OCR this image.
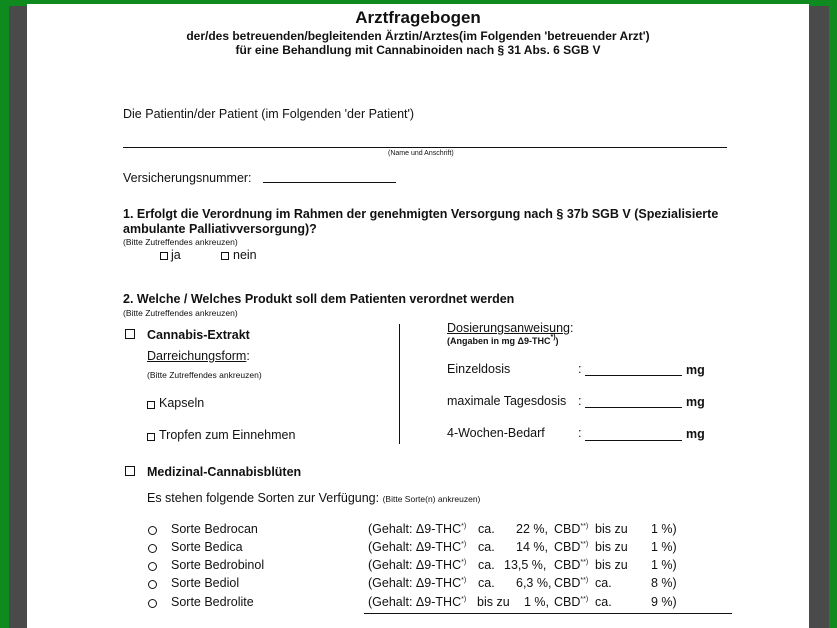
Arztfragebogen
der/des betreuenden/begleitenden Ärztin/Arztes(im Folgenden 'betreuender Arzt')
für eine Behandlung mit Cannabinoiden nach § 31 Abs. 6 SGB V
Die Patientin/der Patient (im Folgenden 'der Patient')
(Name und Anschrift)
Versicherungsnummer:
1. Erfolgt die Verordnung im Rahmen der genehmigten Versorgung nach § 37b SGB V (Spezialisierte
ambulante Palliativversorgung)?
(Bitte Zutreffendes ankreuzen)
ja	nein
2. Welche / Welches Produkt soll dem Patienten verordnet werden
(Bitte Zutreffendes ankreuzen)
Cannabis-Extrakt
Darreichungsform:
(Bitte Zutreffendes ankreuzen)
Kapseln
Tropfen zum Einnehmen
Dosierungsanweisung:
(Angaben in mg Δ9-THC*))
Einzeldosis	:	mg
maximale Tagesdosis :	mg
4-Wochen-Bedarf	:	mg
Medizinal-Cannabisblüten
Es stehen folgende Sorten zur Verfügung: (Bitte Sorte(n) ankreuzen)
Sorte Bedrocan	(Gehalt: Δ9-THC*) ca. 22 %, CBD**) bis zu 1 %)
Sorte Bedica	(Gehalt: Δ9-THC*) ca. 14 %, CBD**) bis zu 1 %)
Sorte Bedrobinol	(Gehalt: Δ9-THC*) ca. 13,5 %, CBD**) bis zu 1 %)
Sorte Bediol	(Gehalt: Δ9-THC*) ca. 6,3 %, CBD**) ca.	8 %)
Sorte Bedrolite	(Gehalt: Δ9-THC*) bis zu 1 %, CBD**) ca.	9 %)
